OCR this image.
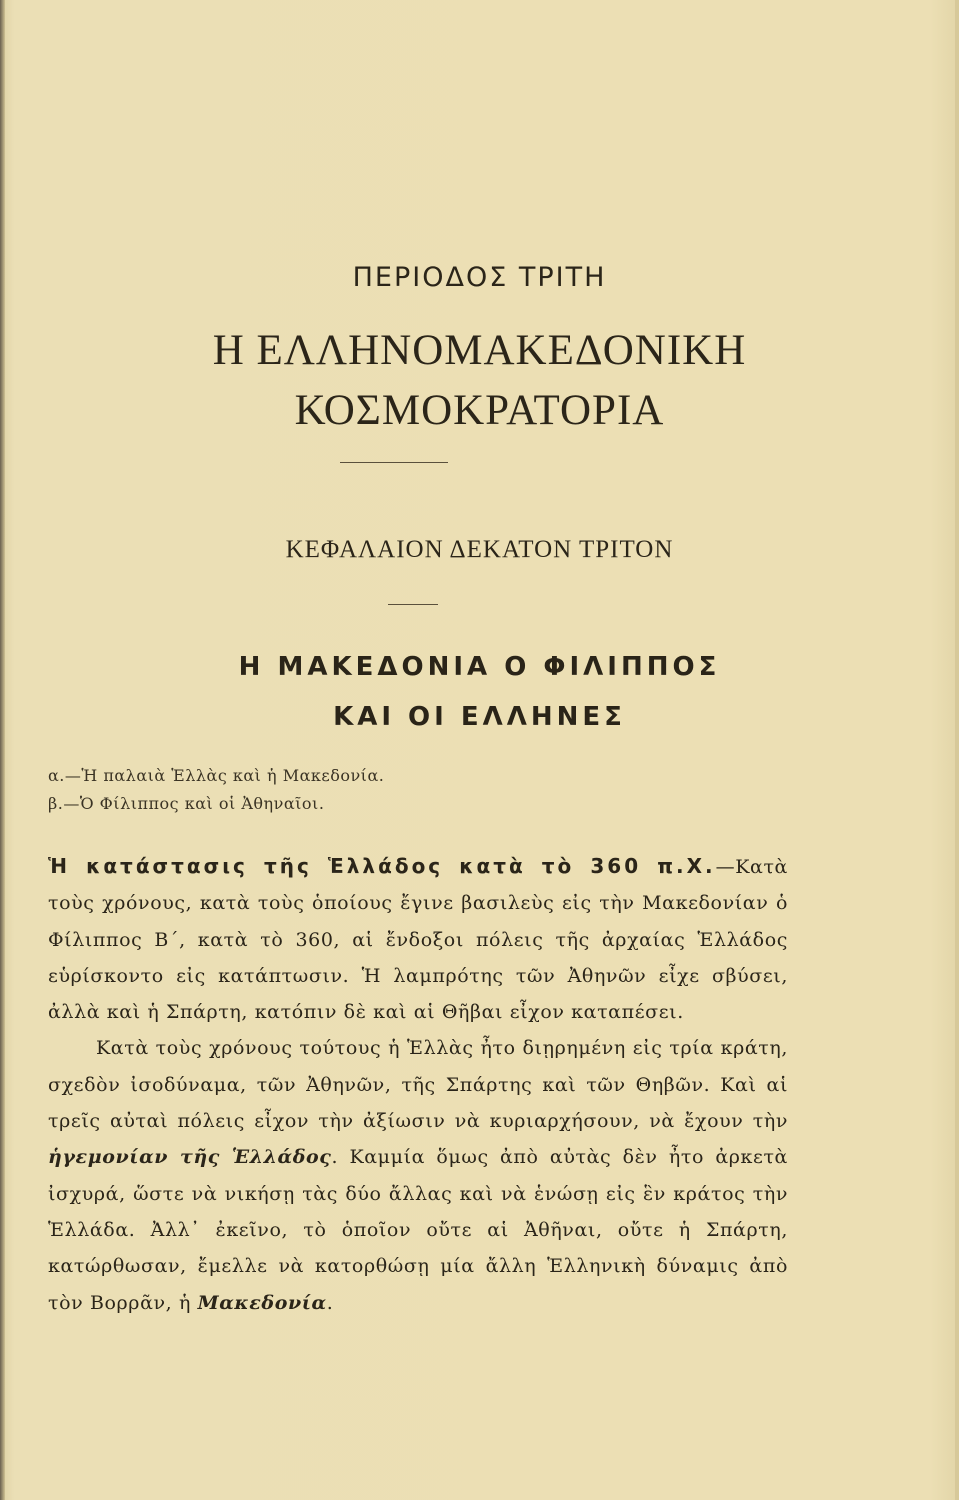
ΠΕΡΙΟΔΟΣ ΤΡΙΤΗ
Η ΕΛΛΗΝΟΜΑΚΕΔΟΝΙΚΗ
ΚΟΣΜΟΚΡΑΤΟΡΙΑ
ΚΕΦΑΛΑΙΟΝ ΔΕΚΑΤΟΝ ΤΡΙΤΟΝ
Η ΜΑΚΕΔΟΝΙΑ Ο ΦΙΛΙΠΠΟΣ
ΚΑΙ ΟΙ ΕΛΛΗΝΕΣ
α.—Ἡ παλαιὰ Ἑλλὰς καὶ ἡ Μακεδονία.
β.—Ὁ Φίλιππος καὶ οἱ Ἀθηναῖοι.

Ἡ κατάστασις τῆς Ἑλλάδος κατὰ τὸ 360 π.Χ.—Κατὰ τοὺς χρόνους, κατὰ τοὺς ὁποίους ἔγινε βασιλεὺς εἰς τὴν Μακεδονίαν ὁ Φίλιππος Β΄, κατὰ τὸ 360, αἱ ἔνδοξοι πόλεις τῆς ἀρχαίας Ἑλλάδος εὑρίσκοντο εἰς κατάπτωσιν. Ἡ λαμπρότης τῶν Ἀθηνῶν εἶχε σβύσει, ἀλλὰ καὶ ἡ Σπάρτη, κατόπιν δὲ καὶ αἱ Θῆβαι εἶχον καταπέσει.

Κατὰ τοὺς χρόνους τούτους ἡ Ἑλλὰς ἦτο διῃρημένη εἰς τρία κράτη, σχεδὸν ἰσοδύναμα, τῶν Ἀθηνῶν, τῆς Σπάρτης καὶ τῶν Θηβῶν. Καὶ αἱ τρεῖς αὐταὶ πόλεις εἶχον τὴν ἀξίωσιν νὰ κυριαρχήσουν, νὰ ἔχουν τὴν ἡγεμονίαν τῆς Ἑλλάδος. Καμμία ὅμως ἀπὸ αὐτὰς δὲν ἦτο ἀρκετὰ ἰσχυρά, ὥστε νὰ νικήσῃ τὰς δύο ἄλλας καὶ νὰ ἑνώσῃ εἰς ἓν κράτος τὴν Ἑλλάδα. Ἀλλ᾿ ἐκεῖνο, τὸ ὁποῖον οὔτε αἱ Ἀθῆναι, οὔτε ἡ Σπάρτη, κατώρθωσαν, ἔμελλε νὰ κατορθώσῃ μία ἄλλη Ἑλληνικὴ δύναμις ἀπὸ τὸν Βορρᾶν, ἡ Μακεδονία.
